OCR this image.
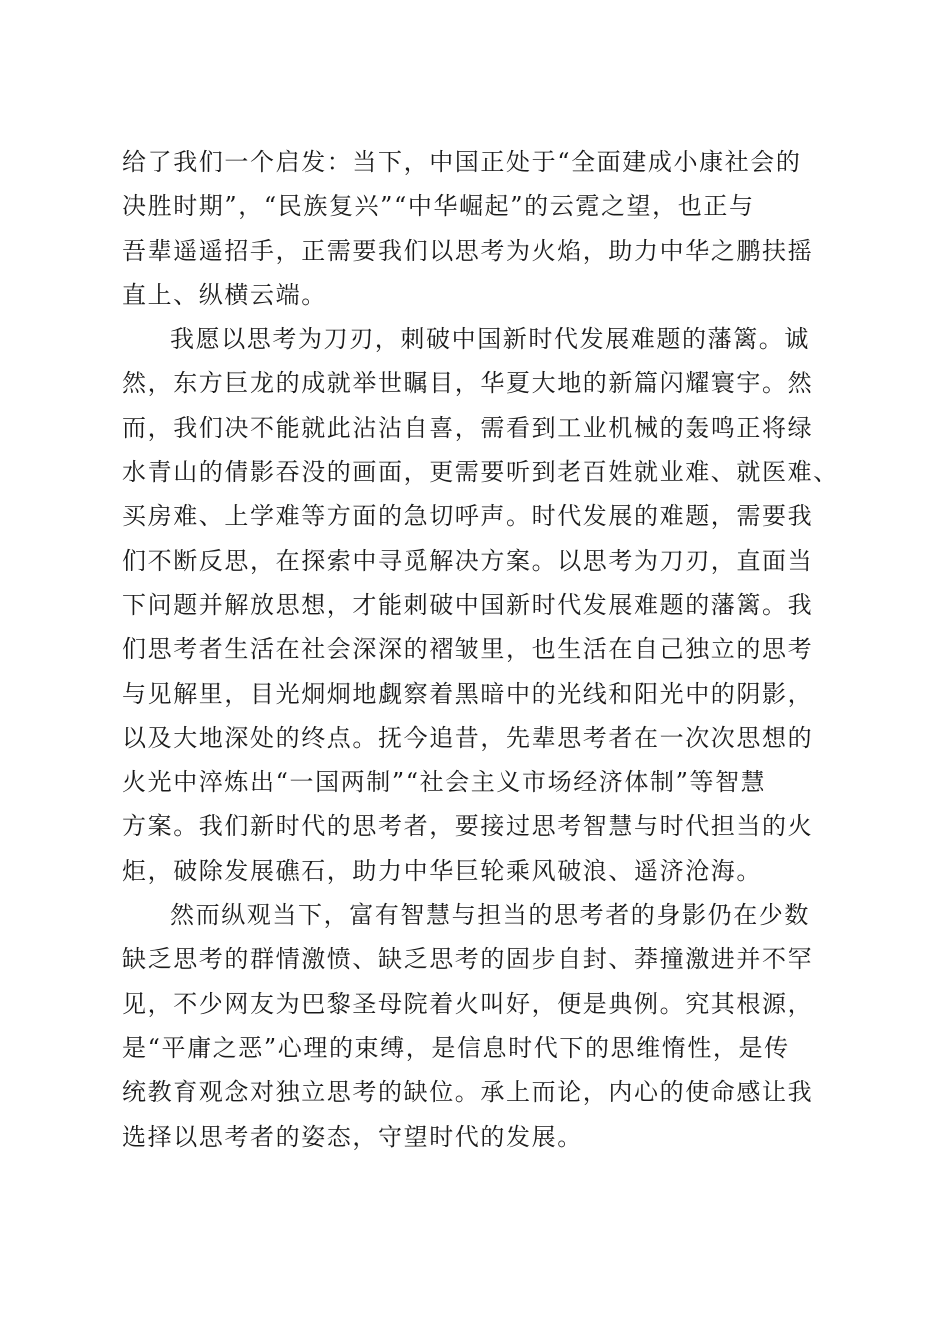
给了我们一个启发：当下，中国正处于“全面建成小康社会的
决胜时期”，“民族复兴”“中华崛起”的云霓之望，也正与
吾辈遥遥招手，正需要我们以思考为火焰，助力中华之鹏扶摇
直上、纵横云端。
我愿以思考为刀刃，刺破中国新时代发展难题的藩篱。诚
然，东方巨龙的成就举世瞩目，华夏大地的新篇闪耀寰宇。然
而，我们决不能就此沾沾自喜，需看到工业机械的轰鸣正将绿
水青山的倩影吞没的画面，更需要听到老百姓就业难、就医难、
买房难、上学难等方面的急切呼声。时代发展的难题，需要我
们不断反思，在探索中寻觅解决方案。以思考为刀刃，直面当
下问题并解放思想，才能刺破中国新时代发展难题的藩篱。我
们思考者生活在社会深深的褶皱里，也生活在自己独立的思考
与见解里，目光炯炯地觑察着黑暗中的光线和阳光中的阴影，
以及大地深处的终点。抚今追昔，先辈思考者在一次次思想的
火光中淬炼出“一国两制”“社会主义市场经济体制”等智慧
方案。我们新时代的思考者，要接过思考智慧与时代担当的火
炬，破除发展礁石，助力中华巨轮乘风破浪、遥济沧海。
然而纵观当下，富有智慧与担当的思考者的身影仍在少数
缺乏思考的群情激愤、缺乏思考的固步自封、莽撞激进并不罕
见，不少网友为巴黎圣母院着火叫好，便是典例。究其根源，
是“平庸之恶”心理的束缚，是信息时代下的思维惰性，是传
统教育观念对独立思考的缺位。承上而论，内心的使命感让我
选择以思考者的姿态，守望时代的发展。
